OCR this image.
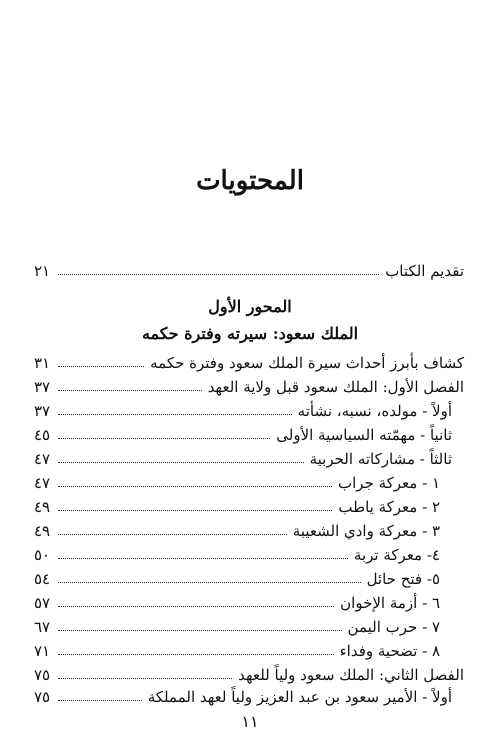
المحتويات
تقديم الكتاب
٢١
المحور الأول
الملك سعود: سيرته وفترة حكمه
كشاف بأبرز أحداث سيرة الملك سعود وفترة حكمه
٣١
الفصل الأول: الملك سعود قبل ولاية العهد
٣٧
أولاً - مولده، نسبه، نشأته
٣٧
ثانياً - مهمّته السياسية الأولى
٤٥
ثالثاً - مشاركاته الحربية
٤٧
١ - معركة جراب
٤٧
٢ - معركة ياطب
٤٩
٣ - معركة وادي الشعيبة
٤٩
٤- معركة تربة
٥٠
٥- فتح حائل
٥٤
٦ - أزمة الإخوان
٥٧
٧ - حرب اليمن
٦٧
٨ - تضحية وفداء
٧١
الفصل الثاني: الملك سعود ولياً للعهد
٧٥
أولاً - الأمير سعود بن عبد العزيز ولياً لعهد المملكة
٧٥
١١
